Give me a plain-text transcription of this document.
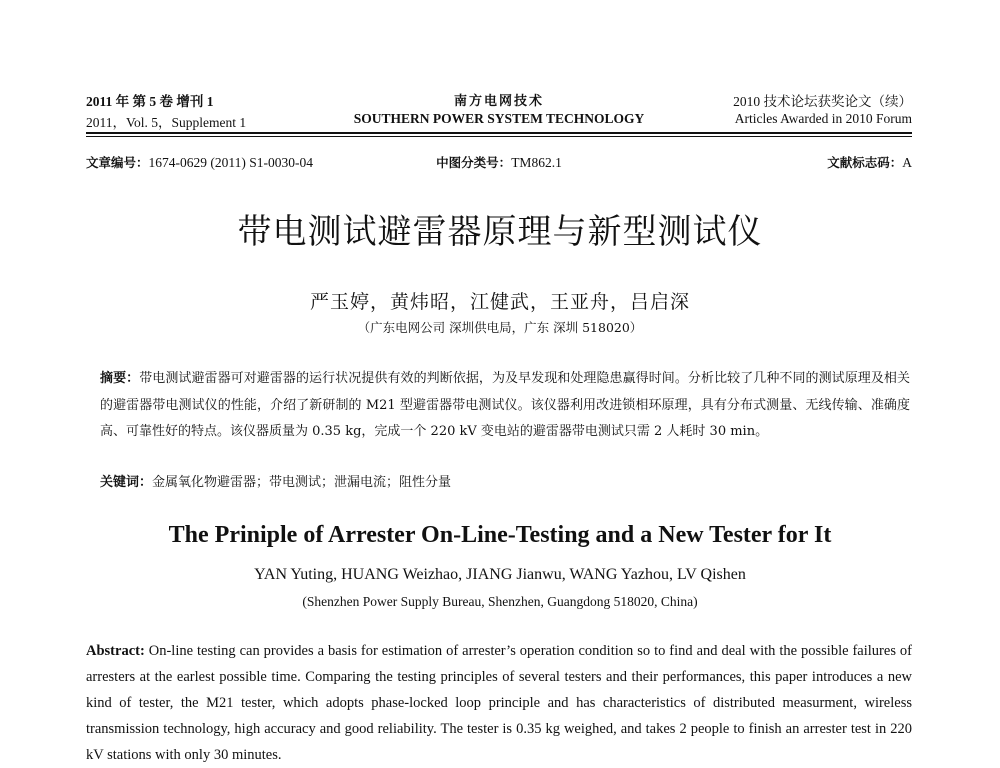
2011 年 第 5 卷 增刊 1	南方电网技术	2010 技术论坛获奖论文（续）
2011，Vol. 5，Supplement 1	SOUTHERN POWER SYSTEM TECHNOLOGY	Articles Awarded in 2010 Forum
文章编号：1674-0629 (2011) S1-0030-04	中图分类号：TM862.1	文献标志码：A
带电测试避雷器原理与新型测试仪
严玉婷，黄炜昭，江健武，王亚舟，吕启深
（广东电网公司 深圳供电局，广东 深圳 518020）
摘要：带电测试避雷器可对避雷器的运行状况提供有效的判断依据，为及早发现和处理隐患赢得时间。分析比较了几种不同的测试原理及相关的避雷器带电测试仪的性能，介绍了新研制的 M21 型避雷器带电测试仪。该仪器利用改进锁相环原理，具有分布式测量、无线传输、准确度高、可靠性好的特点。该仪器质量为 0.35 kg，完成一个 220 kV 变电站的避雷器带电测试只需 2 人耗时 30 min。
关键词：金属氧化物避雷器；带电测试；泄漏电流；阻性分量
The Priniple of Arrester On-Line-Testing and a New Tester for It
YAN Yuting, HUANG Weizhao, JIANG Jianwu, WANG Yazhou, LV Qishen
(Shenzhen Power Supply Bureau, Shenzhen, Guangdong 518020, China)
Abstract: On-line testing can provides a basis for estimation of arrester’s operation condition so to find and deal with the possible failures of arresters at the earlest possible time. Comparing the testing principles of several testers and their performances, this paper introduces a new kind of tester, the M21 tester, which adopts phase-locked loop principle and has characteristics of distributed measurment, wireless transmission technology, high accuracy and good reliability. The tester is 0.35 kg weighed, and takes 2 people to finish an arrester test in 220 kV stations with only 30 minutes.
